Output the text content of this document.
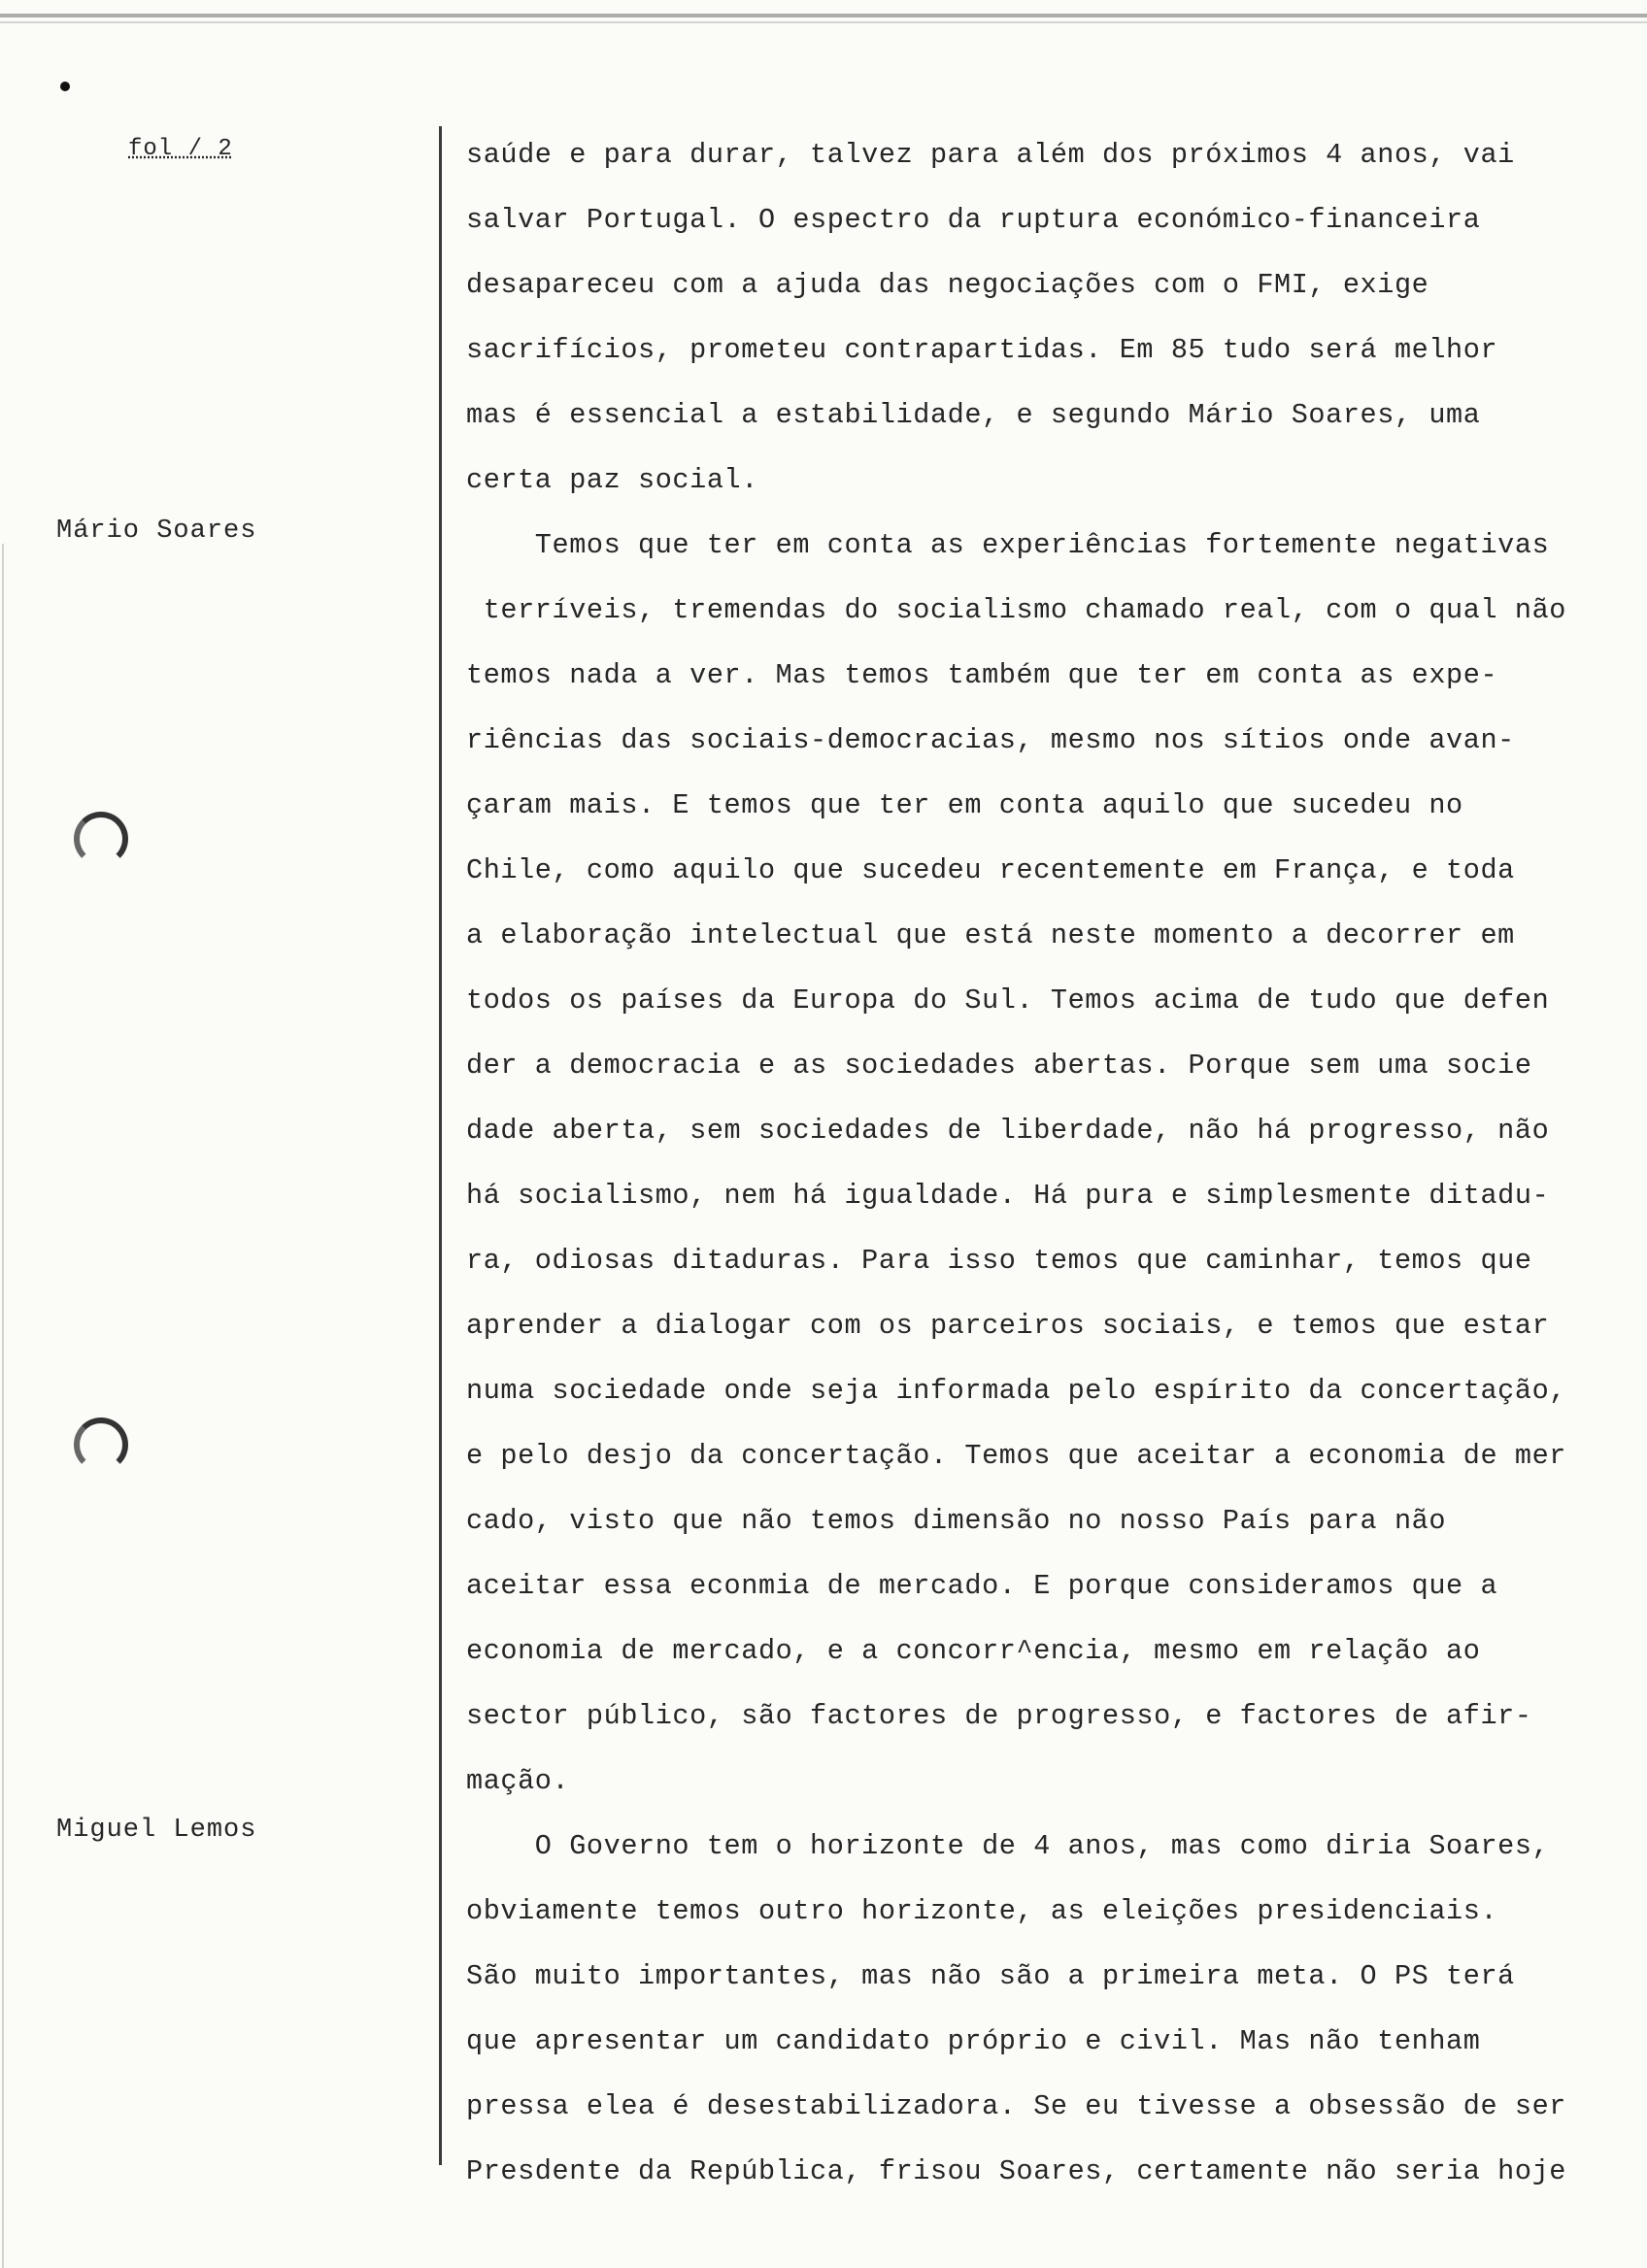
fol / 2
Mário Soares
Miguel Lemos
saúde e para durar, talvez para além dos próximos 4 anos, vai
salvar Portugal. O espectro da ruptura económico-financeira
desapareceu com a ajuda das negociações com o FMI, exige
sacrifícios, prometeu contrapartidas. Em 85 tudo será melhor
mas é essencial a estabilidade, e segundo Mário Soares, uma
certa paz social.
Temos que ter em conta as experiências fortemente negativas
terríveis, tremendas do socialismo chamado real, com o qual não
temos nada a ver. Mas temos também que ter em conta as expe-
riências das sociais-democracias, mesmo nos sítios onde avan-
çaram mais. E temos que ter em conta aquilo que sucedeu no
Chile, como aquilo que sucedeu recentemente em França, e toda
a elaboração intelectual que está neste momento a decorrer em
todos os países da Europa do Sul. Temos acima de tudo que defen
der a democracia e as sociedades abertas. Porque sem uma socie
dade aberta, sem sociedades de liberdade, não há progresso, não
há socialismo, nem há igualdade. Há pura e simplesmente ditadu-
ra, odiosas ditaduras. Para isso temos que caminhar, temos que
aprender a dialogar com os parceiros sociais, e temos que estar
numa sociedade onde seja informada pelo espírito da concertação,
e pelo desjo da concertação. Temos que aceitar a economia de mer
cado, visto que não temos dimensão no nosso País para não
aceitar essa econmia de mercado. E porque consideramos que a
economia de mercado, e a concorr^encia, mesmo em relação ao
sector público, são factores de progresso, e factores de afir-
mação.
O Governo tem o horizonte de 4 anos, mas como diria Soares,
obviamente temos outro horizonte, as eleições presidenciais.
São muito importantes, mas não são a primeira meta. O PS terá
que apresentar um candidato próprio e civil. Mas não tenham
pressa elea é desestabilizadora. Se eu tivesse a obsessão de ser
Presdente da República, frisou Soares, certamente não seria hoje
